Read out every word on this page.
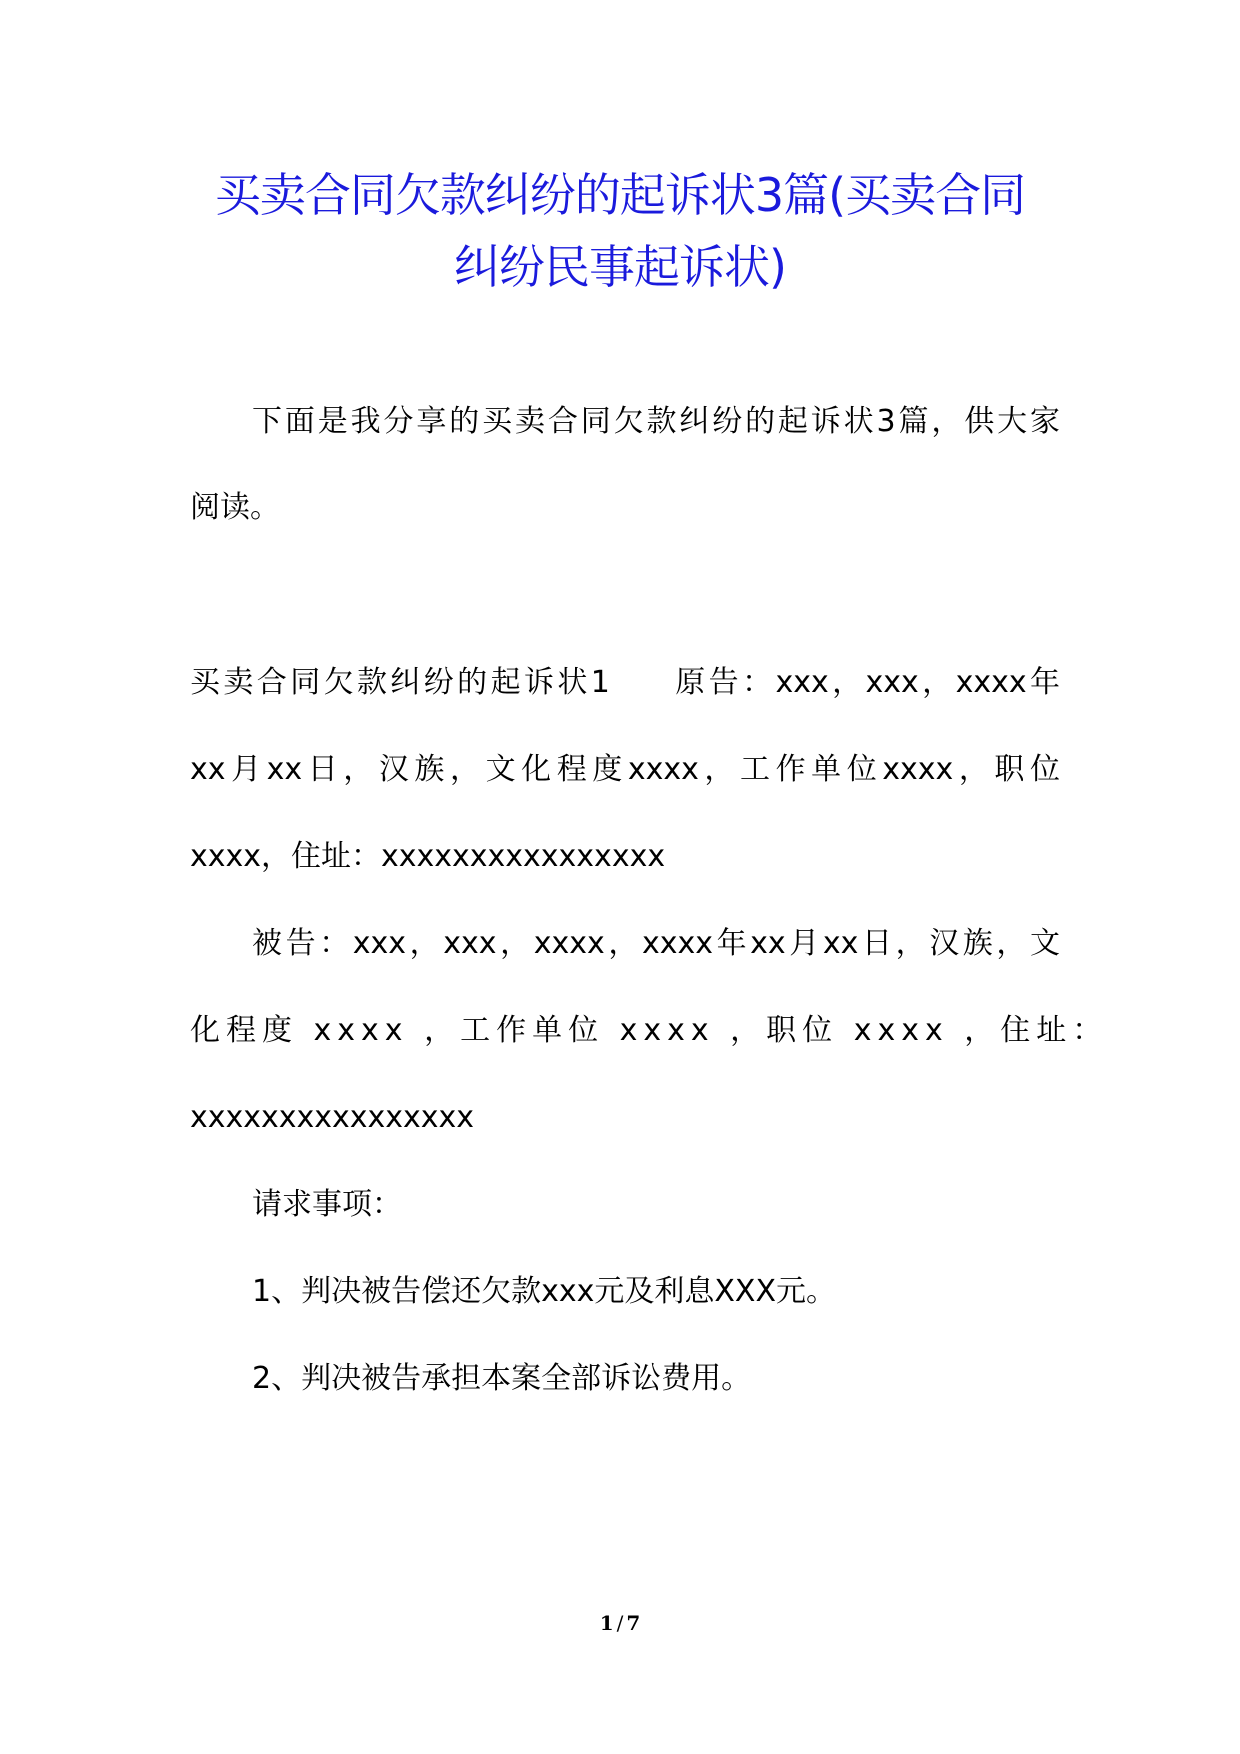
买卖合同欠款纠纷的起诉状3篇(买卖合同
纠纷民事起诉状)
下面是我分享的买卖合同欠款纠纷的起诉状3篇，供大家
阅读。
买卖合同欠款纠纷的起诉状1 原告：xxx，xxx，xxxx年
xx月xx日，汉族，文化程度xxxx，工作单位xxxx，职位
xxxx，住址：xxxxxxxxxxxxxxxx
被告：xxx，xxx，xxxx，xxxx年xx月xx日，汉族，文
化程度 xxxx ，工作单位 xxxx ，职位 xxxx ，住址：
xxxxxxxxxxxxxxxx
请求事项：
1、判决被告偿还欠款xxx元及利息XXX元。
2、判决被告承担本案全部诉讼费用。
1 / 7
